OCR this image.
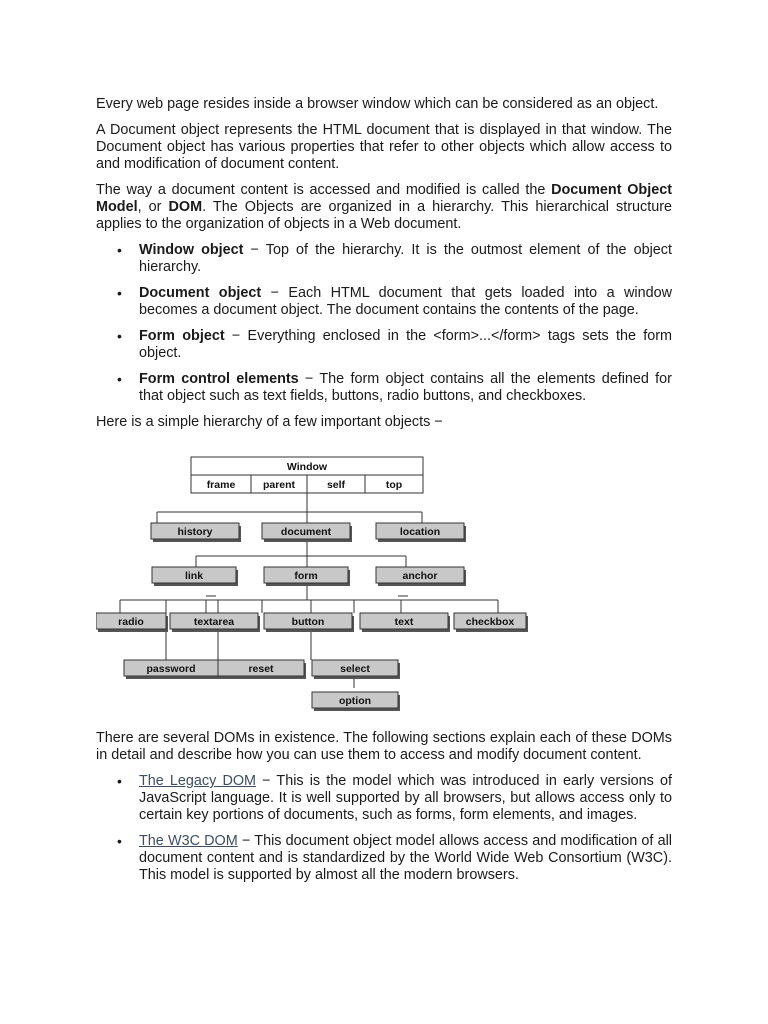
Every web page resides inside a browser window which can be considered as an object.

A Document object represents the HTML document that is displayed in that window. The Document object has various properties that refer to other objects which allow access to and modification of document content.

The way a document content is accessed and modified is called the Document Object Model, or DOM. The Objects are organized in a hierarchy. This hierarchical structure applies to the organization of objects in a Web document.

• Window object − Top of the hierarchy. It is the outmost element of the object hierarchy.
• Document object − Each HTML document that gets loaded into a window becomes a document object. The document contains the contents of the page.
• Form object − Everything enclosed in the <form>...</form> tags sets the form object.
• Form control elements − The form object contains all the elements defined for that object such as text fields, buttons, radio buttons, and checkboxes.

Here is a simple hierarchy of a few important objects −

Window
frame	parent	self	top
history	document	location
link	form	anchor
radio	textarea	button	text	checkbox
password	reset	select
option

There are several DOMs in existence. The following sections explain each of these DOMs in detail and describe how you can use them to access and modify document content.

• The Legacy DOM − This is the model which was introduced in early versions of JavaScript language. It is well supported by all browsers, but allows access only to certain key portions of documents, such as forms, form elements, and images.
• The W3C DOM − This document object model allows access and modification of all document content and is standardized by the World Wide Web Consortium (W3C). This model is supported by almost all the modern browsers.
